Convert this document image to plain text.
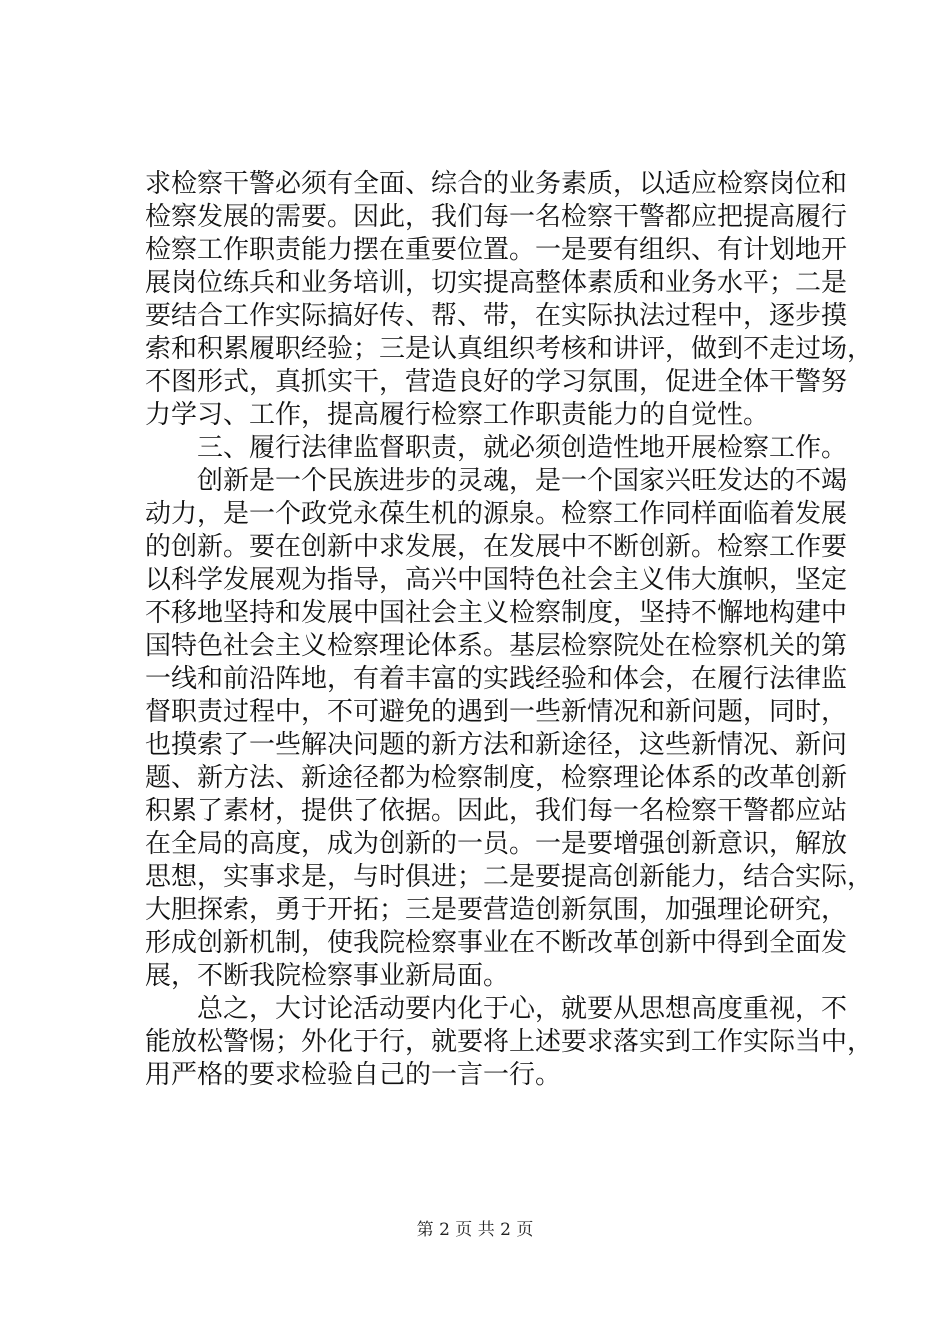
求检察干警必须有全面、综合的业务素质，以适应检察岗位和
检察发展的需要。因此，我们每一名检察干警都应把提高履行
检察工作职责能力摆在重要位置。一是要有组织、有计划地开
展岗位练兵和业务培训，切实提高整体素质和业务水平；二是
要结合工作实际搞好传、帮、带，在实际执法过程中，逐步摸
索和积累履职经验；三是认真组织考核和讲评，做到不走过场，
不图形式，真抓实干，营造良好的学习氛围，促进全体干警努
力学习、工作，提高履行检察工作职责能力的自觉性。
三、履行法律监督职责，就必须创造性地开展检察工作。
创新是一个民族进步的灵魂，是一个国家兴旺发达的不竭
动力，是一个政党永葆生机的源泉。检察工作同样面临着发展
的创新。要在创新中求发展，在发展中不断创新。检察工作要
以科学发展观为指导，高兴中国特色社会主义伟大旗帜，坚定
不移地坚持和发展中国社会主义检察制度，坚持不懈地构建中
国特色社会主义检察理论体系。基层检察院处在检察机关的第
一线和前沿阵地，有着丰富的实践经验和体会，在履行法律监
督职责过程中，不可避免的遇到一些新情况和新问题，同时，
也摸索了一些解决问题的新方法和新途径，这些新情况、新问
题、新方法、新途径都为检察制度，检察理论体系的改革创新
积累了素材，提供了依据。因此，我们每一名检察干警都应站
在全局的高度，成为创新的一员。一是要增强创新意识，解放
思想，实事求是，与时俱进；二是要提高创新能力，结合实际，
大胆探索，勇于开拓；三是要营造创新氛围，加强理论研究，
形成创新机制，使我院检察事业在不断改革创新中得到全面发
展，不断我院检察事业新局面。
总之，大讨论活动要内化于心，就要从思想高度重视，不
能放松警惕；外化于行，就要将上述要求落实到工作实际当中，
用严格的要求检验自己的一言一行。
第 2 页 共 2 页
